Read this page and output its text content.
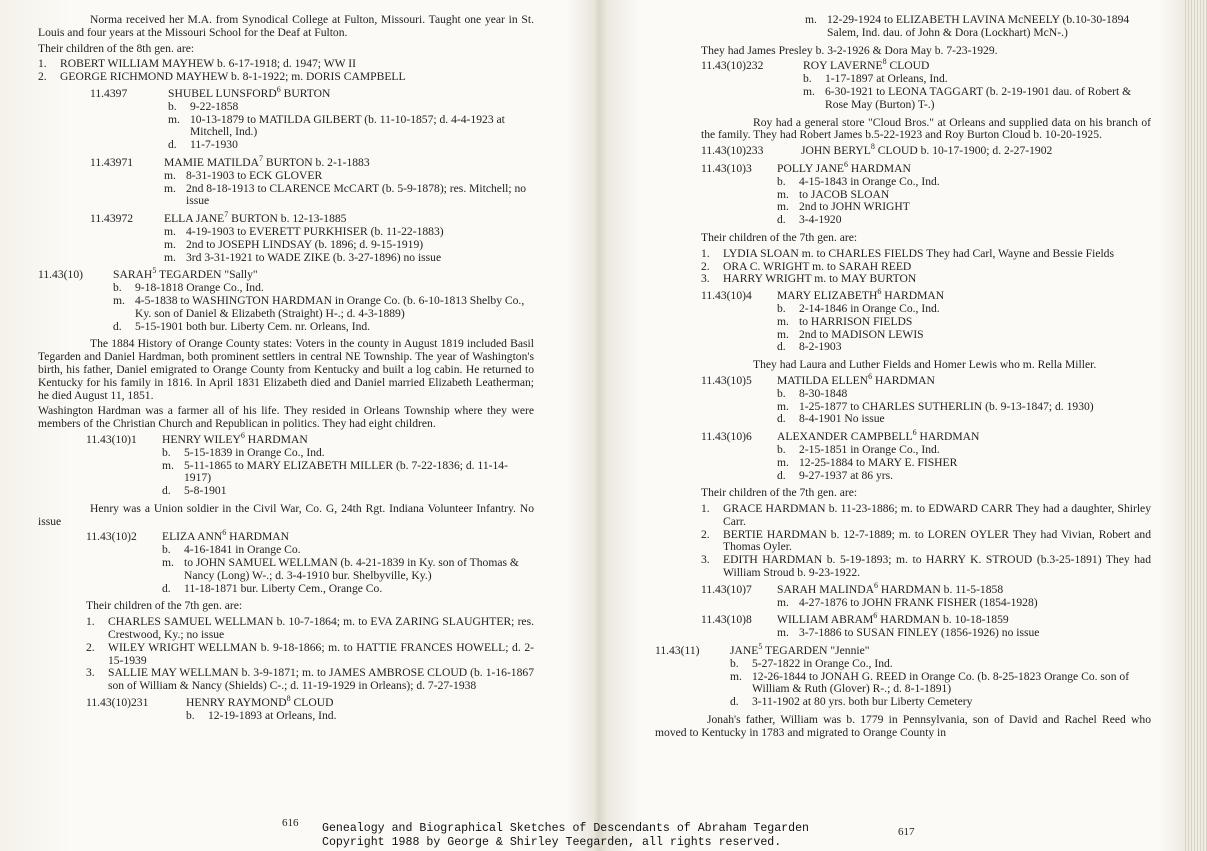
Norma received her M.A. from Synodical College at Fulton, Missouri. Taught one year in St. Louis and four years at the Missouri School for the Deaf at Fulton.
Their children of the 8th gen. are:
1.	ROBERT WILLIAM MAYHEW b. 6-17-1918; d. 1947; WW II
2.	GEORGE RICHMOND MAYHEW b. 8-1-1922; m. DORIS CAMPBELL
11.4397	SHUBEL LUNSFORD$^6$ BURTON
b.	9-22-1858
m. 10-13-1879 to MATILDA GILBERT (b. 11-10-1857; d. 4-4-1923 at Mitchell, Ind.)
d.	11-7-1930
11.43971	MAMIE MATILDA$^7$ BURTON b. 2-1-1883
m. 8-31-1903 to ECK GLOVER
m. 2nd 8-18-1913 to CLARENCE McCART (b. 5-9-1878); res. Mitchell; no issue
11.43972	ELLA JANE$^7$ BURTON b. 12-13-1885
m. 4-19-1903 to EVERETT PURKHISER (b. 11-22-1883)
m. 2nd to JOSEPH LINDSAY (b. 1896; d. 9-15-1919)
m. 3rd 3-31-1921 to WADE ZIKE (b. 3-27-1896) no issue
11.43(10)	SARAH$^5$ TEGARDEN "Sally"
b.	9-18-1818 Orange Co., Ind.
m. 4-5-1838 to WASHINGTON HARDMAN in Orange Co. (b. 6-10-1813 Shelby Co., Ky. son of Daniel & Elizabeth (Straight) H-.; d. 4-3-1889)
d.	5-15-1901 both bur. Liberty Cem. nr. Orleans, Ind.
The 1884 History of Orange County states: Voters in the county in August 1819 included Basil Tegarden and Daniel Hardman, both prominent settlers in central NE Township. The year of Washington's birth, his father, Daniel emigrated to Orange County from Kentucky and built a log cabin. He returned to Kentucky for his family in 1816. In April 1831 Elizabeth died and Daniel married Elizabeth Leatherman; he died August 11, 1851.
Washington Hardman was a farmer all of his life. They resided in Orleans Township where they were members of the Christian Church and Republican in politics. They had eight children.
11.43(10)1	HENRY WILEY$^6$ HARDMAN
b.	5-15-1839 in Orange Co., Ind.
m. 5-11-1865 to MARY ELIZABETH MILLER (b. 7-22-1836; d. 11-14-1917)
d.	5-8-1901
Henry was a Union soldier in the Civil War, Co. G, 24th Rgt. Indiana Volunteer Infantry. No issue
11.43(10)2	ELIZA ANN$^6$ HARDMAN
b.	4-16-1841 in Orange Co.
m. to JOHN SAMUEL WELLMAN (b. 4-21-1839 in Ky. son of Thomas & Nancy (Long) W-.; d. 3-4-1910 bur. Shelbyville, Ky.)
d.	11-18-1871 bur. Liberty Cem., Orange Co.
Their children of the 7th gen. are:
1.	CHARLES SAMUEL WELLMAN b. 10-7-1864; m. to EVA ZARING SLAUGHTER; res. Crestwood, Ky.; no issue
2.	WILEY WRIGHT WELLMAN b. 9-18-1866; m. to HATTIE FRANCES HOWELL; d. 2-15-1939
3.	SALLIE MAY WELLMAN b. 3-9-1871; m. to JAMES AMBROSE CLOUD (b. 1-16-1867 son of William & Nancy (Shields) C-.; d. 11-19-1929 in Orleans); d. 7-27-1938
11.43(10)231	HENRY RAYMOND$^8$ CLOUD
b.	12-19-1893 at Orleans, Ind.
616
m. 12-29-1924 to ELIZABETH LAVINA McNEELY (b.10-30-1894 Salem, Ind. dau. of John & Dora (Lockhart) McN-.)
They had James Presley b. 3-2-1926 & Dora May b. 7-23-1929.
11.43(10)232	ROY LAVERNE$^8$ CLOUD
b.	1-17-1897 at Orleans, Ind.
m. 6-30-1921 to LEONA TAGGART (b. 2-19-1901 dau. of Robert & Rose May (Burton) T-.)
Roy had a general store "Cloud Bros." at Orleans and supplied data on his branch of the family. They had Robert James b.5-22-1923 and Roy Burton Cloud b. 10-20-1925.
11.43(10)233	JOHN BERYL$^8$ CLOUD b. 10-17-1900; d. 2-27-1902
11.43(10)3	POLLY JANE$^6$ HARDMAN
b.	4-15-1843 in Orange Co., Ind.
m. to JACOB SLOAN
m. 2nd to JOHN WRIGHT
d.	3-4-1920
Their children of the 7th gen. are:
1.	LYDIA SLOAN m. to CHARLES FIELDS They had Carl, Wayne and Bessie Fields
2.	ORA C. WRIGHT m. to SARAH REED
3.	HARRY WRIGHT m. to MAY BURTON
11.43(10)4	MARY ELIZABETH$^6$ HARDMAN
b.	2-14-1846 in Orange Co., Ind.
m. to HARRISON FIELDS
m. 2nd to MADISON LEWIS
d.	8-2-1903
They had Laura and Luther Fields and Homer Lewis who m. Rella Miller.
11.43(10)5	MATILDA ELLEN$^6$ HARDMAN
b.	8-30-1848
m. 1-25-1877 to CHARLES SUTHERLIN (b. 9-13-1847; d. 1930)
d.	8-4-1901 No issue
11.43(10)6	ALEXANDER CAMPBELL$^6$ HARDMAN
b.	2-15-1851 in Orange Co., Ind.
m. 12-25-1884 to MARY E. FISHER
d.	9-27-1937 at 86 yrs.
Their children of the 7th gen. are:
1.	GRACE HARDMAN b. 11-23-1886; m. to EDWARD CARR They had a daughter, Shirley Carr.
2.	BERTIE HARDMAN b. 12-7-1889; m. to LOREN OYLER They had Vivian, Robert and Thomas Oyler.
3.	EDITH HARDMAN b. 5-19-1893; m. to HARRY K. STROUD (b.3-25-1891) They had William Stroud b. 9-23-1922.
11.43(10)7	SARAH MALINDA$^6$ HARDMAN b. 11-5-1858
m. 4-27-1876 to JOHN FRANK FISHER (1854-1928)
11.43(10)8	WILLIAM ABRAM$^6$ HARDMAN b. 10-18-1859
m. 3-7-1886 to SUSAN FINLEY (1856-1926) no issue
11.43(11)	JANE$^5$ TEGARDEN "Jennie"
b.	5-27-1822 in Orange Co., Ind.
m. 12-26-1844 to JONAH G. REED in Orange Co. (b. 8-25-1823 Orange Co. son of William & Ruth (Glover) R-.; d. 8-1-1891)
d.	3-11-1902 at 80 yrs. both bur Liberty Cemetery
Jonah's father, William was b. 1779 in Pennsylvania, son of David and Rachel Reed who moved to Kentucky in 1783 and migrated to Orange County in
617
Genealogy and Biographical Sketches of Descendants of Abraham Tegarden
Copyright 1988 by George & Shirley Teegarden, all rights reserved.
